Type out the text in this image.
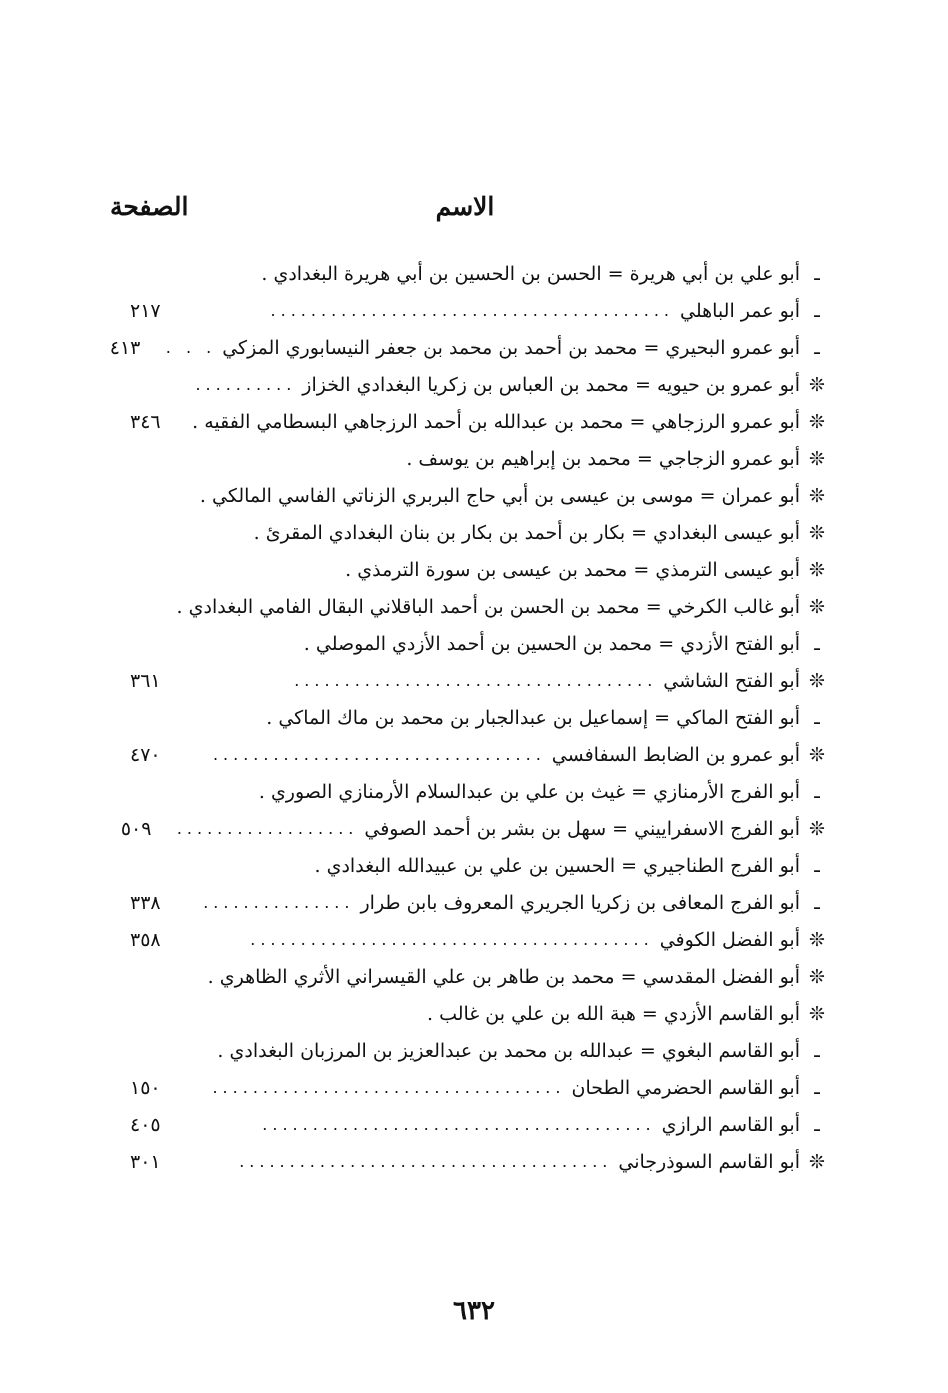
الاسم
الصفحة
ـ
أبو علي بن أبي هريرة = الحسن بن الحسين بن أبي هريرة البغدادي .
ـ
أبو عمر الباهلي
........................................
٢١٧
ـ
أبو عمرو البحيري = محمد بن أحمد بن محمد بن جعفر النيسابوري المزكي
. . .
٤١٣
❊
أبو عمرو بن حيويه = محمد بن العباس بن زكريا البغدادي الخزاز
..........
❊
أبو عمرو الرزجاهي = محمد بن عبدالله بن أحمد الرزجاهي البسطامي الفقيه .
٣٤٦
❊
أبو عمرو الزجاجي = محمد بن إبراهيم بن يوسف .
❊
أبو عمران = موسى بن عيسى بن أبي حاج البربري الزناتي الفاسي المالكي .
❊
أبو عيسى البغدادي = بكار بن أحمد بن بكار بن بنان البغدادي المقرئ .
❊
أبو عيسى الترمذي = محمد بن عيسى بن سورة الترمذي .
❊
أبو غالب الكرخي = محمد بن الحسن بن أحمد الباقلاني البقال الفامي البغدادي .
ـ
أبو الفتح الأزدي = محمد بن الحسين بن أحمد الأزدي الموصلي .
❊
أبو الفتح الشاشي
....................................
٣٦١
ـ
أبو الفتح الماكي = إسماعيل بن عبدالجبار بن محمد بن ماك الماكي .
❊
أبو عمرو بن الضابط السفافسي
.................................
٤٧٠
ـ
أبو الفرج الأرمنازي = غيث بن علي بن عبدالسلام الأرمنازي الصوري .
❊
أبو الفرج الاسفراييني = سهل بن بشر بن أحمد الصوفي
..................
٥٠٩
ـ
أبو الفرج الطناجيري = الحسين بن علي بن عبيدالله البغدادي .
ـ
أبو الفرج المعافى بن زكريا الجريري المعروف بابن طرار
...............
٣٣٨
❊
أبو الفضل الكوفي
........................................
٣٥٨
❊
أبو الفضل المقدسي = محمد بن طاهر بن علي القيسراني الأثري الظاهري .
❊
أبو القاسم الأزدي = هبة الله بن علي بن غالب .
ـ
أبو القاسم البغوي = عبدالله بن محمد بن عبدالعزيز بن المرزبان البغدادي .
ـ
أبو القاسم الحضرمي الطحان
...................................
١٥٠
ـ
أبو القاسم الرازي
.......................................
٤٠٥
❊
أبو القاسم السوذرجاني
.....................................
٣٠١
٦٣٢
